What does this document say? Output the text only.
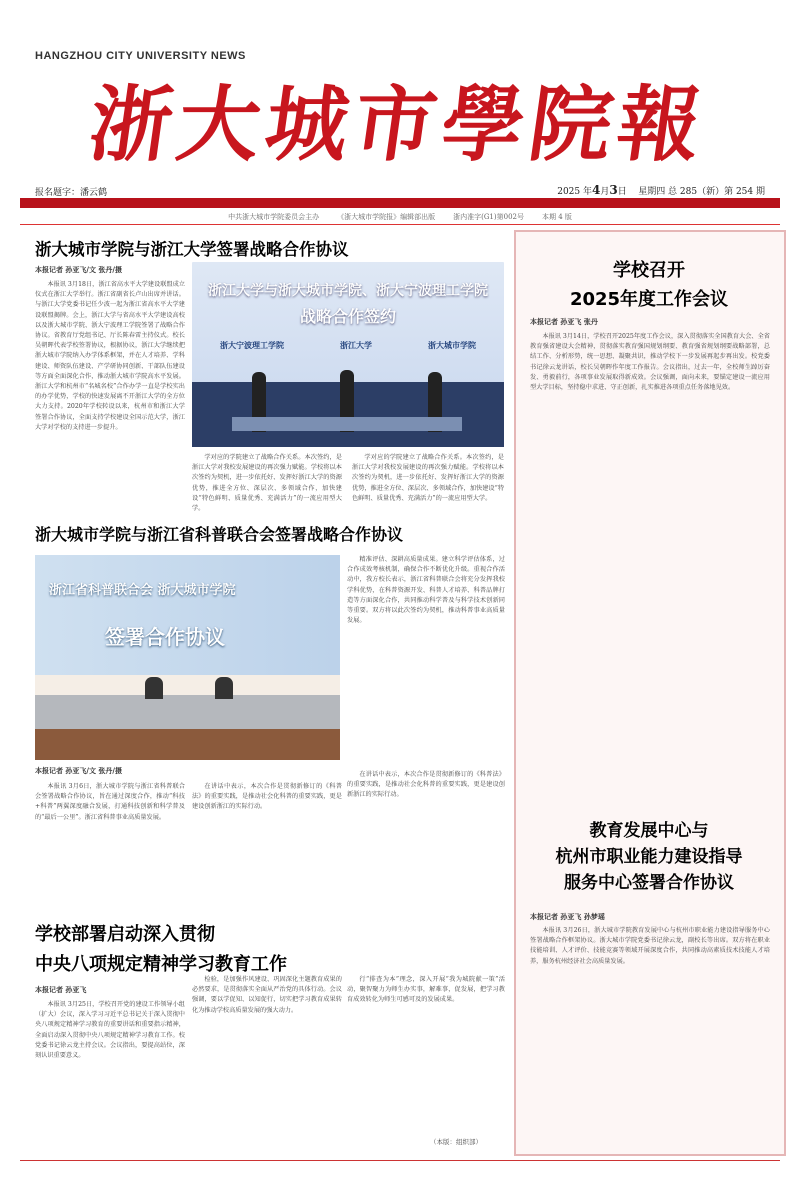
HANGZHOU CITY UNIVERSITY NEWS
浙大城市學院報
报名题字：潘云鹤	2025 年4月3日 星期四 总 285（新）第 254 期
中共浙大城市学院委员会主办	《浙大城市学院报》编辑部出版	浙内准字(G1)第002号	本期 4 版
浙大城市学院与浙江大学签署战略合作协议
本报记者 孙亚飞/文 张丹/摄

本报讯 3月18日，浙江省高水平大学建设联盟成立仪式在浙江大学举行。浙江省副省长卢山出席并讲话。与浙江大学党委书记任少波一起为浙江省高水平大学建设联盟揭牌。会上，浙江大学与省高水平大学建设高校以及浙大城市学院、浙大宁波理工学院签署了战略合作协议。省教育厅党组书记、厅长陈春雷主持仪式。校长吴朝晖代表学校签署协议，根据协议，浙江大学继续把浙大城市学院纳入办学体系框架，并在人才培养、学科建设、师资队伍建设、产学研协同创新、干部队伍建设等方面全面深化合作，推动浙大城市学院高水平发展。浙江大学和杭州市“名城名校”合作办学一直是学校实出的办学优势，学校的快速发展离不开浙江大学的全方位大力支持。2020年学校转设以来，杭州市和浙江大学签署合作协议，全面支持学校建设全国示范大学，浙江大学对学校的支持进一步提升。

浙江大学与浙大城市学院、浙大宁波理工学院
战略合作签约
浙大宁波理工学院	浙江大学	浙大城市学院

学对应的学院建立了战略合作关系。本次签约，是浙江大学对我校发展建设的再次强力赋能。学校将以本次签约为契机，进一步依托好、发挥好浙江大学的资源优势，推进全方位、深层次、多领域合作，加快建设“特色鲜明、质量优秀、充满活力”的一流应用型大学。

学对应的学院建立了战略合作关系。本次签约，是浙江大学对我校发展建设的再次强力赋能。学校将以本次签约为契机，进一步依托好、发挥好浙江大学的资源优势，推进全方位、深层次、多领域合作，加快建设“特色鲜明、质量优秀、充满活力”的一流应用型大学。

浙大城市学院与浙江省科普联合会签署战略合作协议
浙江省科普联合会 浙大城市学院
签署合作协议

精准评估、深耕高质量成果。建立科学评估体系，过合作成效考核机制，确保合作不断优化升级。重视合作活动中，我方校长表示，浙江省科普联合会将充分发挥我校学科优势，在科普资源开发、科普人才培养、科普品牌打造等方面深化合作，共同推动科学普及与科学技术创新同等重要。双方将以此次签约为契机，推动科普事业高质量发展。

本报记者 孙亚飞/文 张丹/摄

本报讯 3月6日，浙大城市学院与浙江省科普联合会签署战略合作协议，旨在通过深度合作，推动“科技+科普”两翼深度融合发展，打通科技创新和科学普及的“最后一公里”。浙江省科普事业高质量发展。

在讲话中表示，本次合作是贯彻新修订的《科普法》的重要实践，是推动社会化科普的重要实践，更是建设创新浙江的实际行动。

在讲话中表示，本次合作是贯彻新修订的《科普法》的重要实践，是推动社会化科普的重要实践，更是建设创新浙江的实际行动。

学校部署启动深入贯彻
中央八项规定精神学习教育工作
本报记者 孙亚飞

本报讯 3月25日，学校召开党的建设工作领导小组（扩大）会议，深入学习习近平总书记关于深入贯彻中央八项规定精神学习教育的重要讲话和重要指示精神，全面启动深入贯彻中央八项规定精神学习教育工作。校党委书记徐云龙主持会议。会议指出，要提高站位，深刻认识重要意义。

检验，是加强作风建设、巩固深化主题教育成果的必然要求，是贯彻落实全面从严治党的具体行动。会议强调，要以学促知、以知促行，切实把学习教育成果转化为推动学校高质量发展的强大动力。

行“排查为本”理念，深入开展“我为城院献一策”活动，聚智聚力为师生办实事，解难事，促发展，把学习教育成效转化为师生可感可及的发展成果。

（本版：组织部）
学校召开
2025年度工作会议
本报记者 孙亚飞 张丹

本报讯 3月14日，学校召开2025年度工作会议，深入贯彻落实全国教育大会、全省教育强省建设大会精神，贯彻落实教育强国规划纲要、教育强省规划纲要战略部署，总结工作、分析形势，统一思想、凝聚共识，推动学校下一步发展再起步再出发。校党委书记徐云龙讲话，校长吴朝晖作年度工作报告。会议指出，过去一年，全校师生踔厉奋发、勇毅前行，各项事业发展取得新成效。会议强调，面向未来，要锚定建设一流应用型大学目标，坚持稳中求进、守正创新，扎实推进各项重点任务落地见效。

教育发展中心与
杭州市职业能力建设指导
服务中心签署合作协议
本报记者 孙亚飞 孙梦瑶

本报讯 3月26日，浙大城市学院教育发展中心与杭州市职业能力建设指导服务中心签署战略合作框架协议。浙大城市学院党委书记徐云龙，副校长等出席。双方将在职业技能培训、人才评价、技能竞赛等领域开展深度合作，共同推动高素质技术技能人才培养，服务杭州经济社会高质量发展。
